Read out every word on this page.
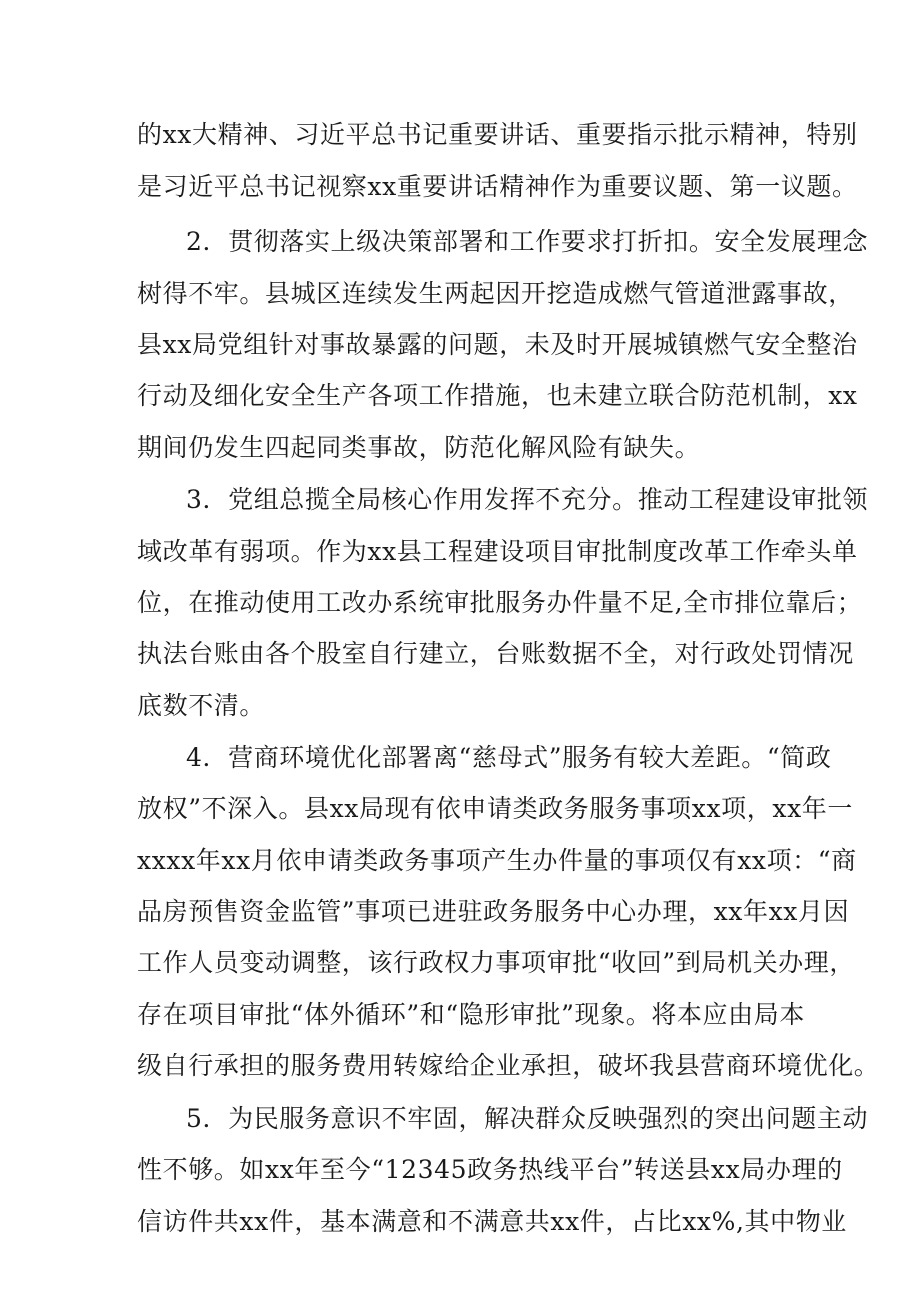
的xx大精神、习近平总书记重要讲话、重要指示批示精神，特别
是习近平总书记视察xx重要讲话精神作为重要议题、第一议题。
2．贯彻落实上级决策部署和工作要求打折扣。安全发展理念
树得不牢。县城区连续发生两起因开挖造成燃气管道泄露事故，
县xx局党组针对事故暴露的问题，未及时开展城镇燃气安全整治
行动及细化安全生产各项工作措施，也未建立联合防范机制，xx
期间仍发生四起同类事故，防范化解风险有缺失。
3．党组总揽全局核心作用发挥不充分。推动工程建设审批领
域改革有弱项。作为xx县工程建设项目审批制度改革工作牵头单
位，在推动使用工改办系统审批服务办件量不足,全市排位靠后；
执法台账由各个股室自行建立，台账数据不全，对行政处罚情况
底数不清。
4．营商环境优化部署离“慈母式”服务有较大差距。“简政
放权”不深入。县xx局现有依申请类政务服务事项xx项，xx年一
xxxx年xx月依申请类政务事项产生办件量的事项仅有xx项：“商
品房预售资金监管”事项已进驻政务服务中心办理，xx年xx月因
工作人员变动调整，该行政权力事项审批“收回”到局机关办理，
存在项目审批“体外循环”和“隐形审批”现象。将本应由局本
级自行承担的服务费用转嫁给企业承担，破坏我县营商环境优化。
5．为民服务意识不牢固，解决群众反映强烈的突出问题主动
性不够。如xx年至今“12345政务热线平台”转送县xx局办理的
信访件共xx件，基本满意和不满意共xx件，占比xx%,其中物业
